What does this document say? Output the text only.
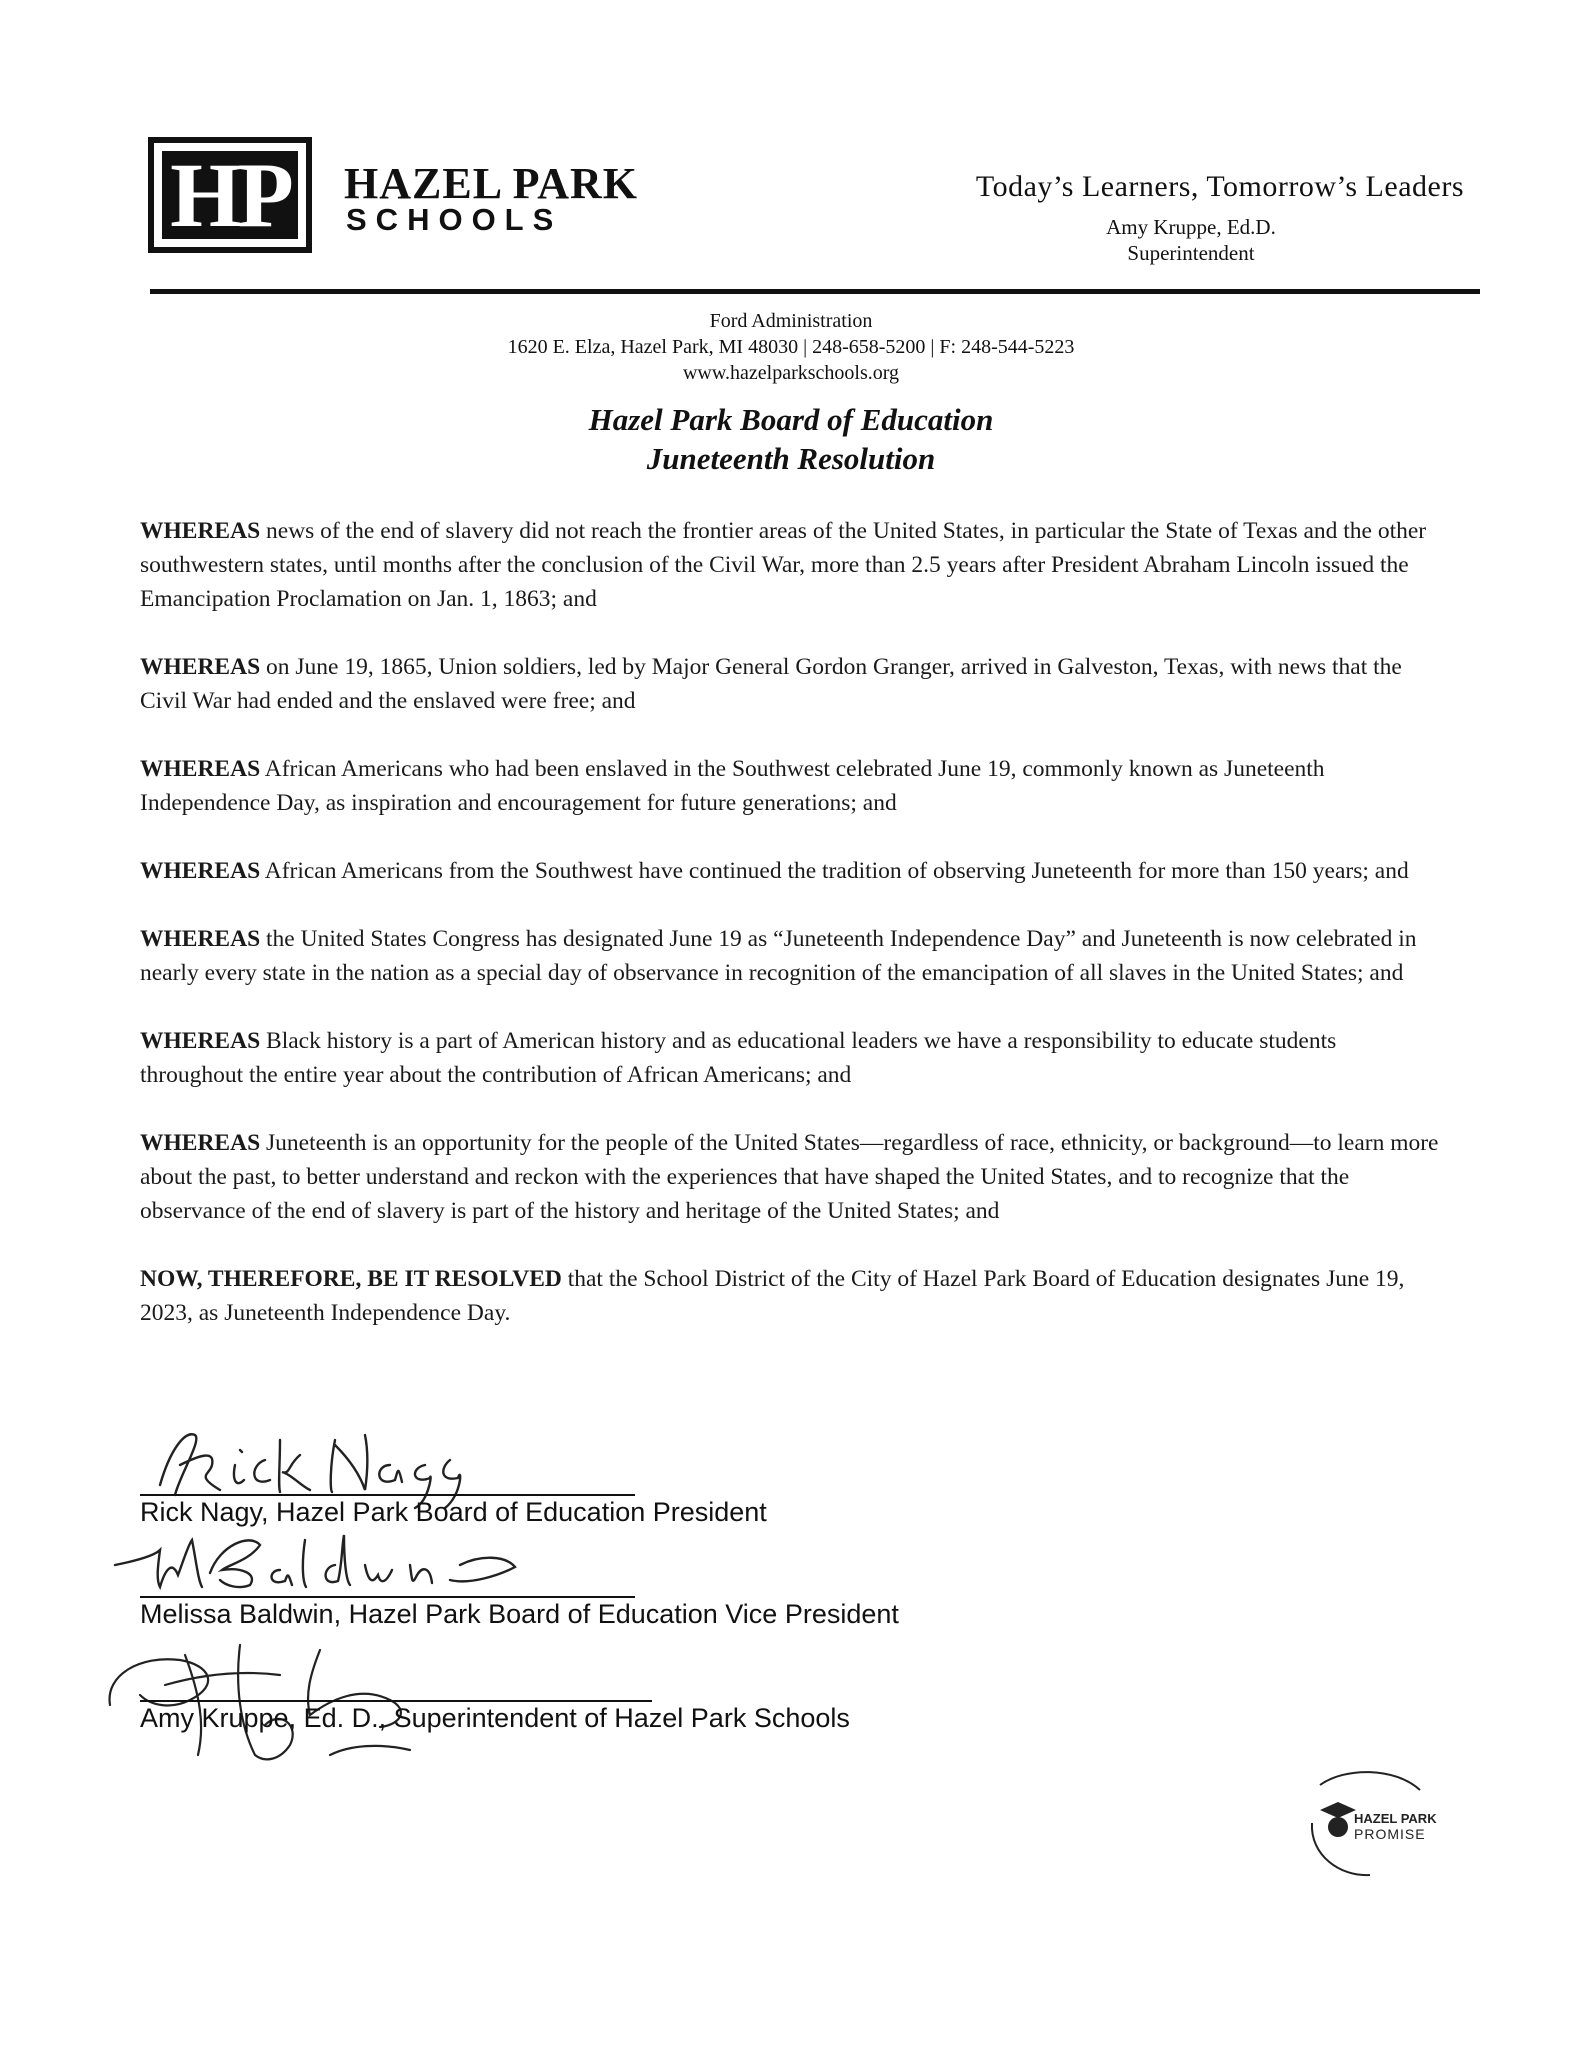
HP HAZEL PARK
SCHOOLS
Today’s Learners, Tomorrow’s Leaders
Amy Kruppe, Ed.D.
Superintendent
Ford Administration
1620 E. Elza, Hazel Park, MI 48030 | 248-658-5200 | F: 248-544-5223
www.hazelparkschools.org
Hazel Park Board of Education
Juneteenth Resolution

WHEREAS news of the end of slavery did not reach the frontier areas of the United States, in particular the State of Texas and the other southwestern states, until months after the conclusion of the Civil War, more than 2.5 years after President Abraham Lincoln issued the Emancipation Proclamation on Jan. 1, 1863; and

WHEREAS on June 19, 1865, Union soldiers, led by Major General Gordon Granger, arrived in Galveston, Texas, with news that the Civil War had ended and the enslaved were free; and

WHEREAS African Americans who had been enslaved in the Southwest celebrated June 19, commonly known as Juneteenth Independence Day, as inspiration and encouragement for future generations; and

WHEREAS African Americans from the Southwest have continued the tradition of observing Juneteenth for more than 150 years; and

WHEREAS the United States Congress has designated June 19 as “Juneteenth Independence Day” and Juneteenth is now celebrated in nearly every state in the nation as a special day of observance in recognition of the emancipation of all slaves in the United States; and

WHEREAS Black history is a part of American history and as educational leaders we have a responsibility to educate students throughout the entire year about the contribution of African Americans; and

WHEREAS Juneteenth is an opportunity for the people of the United States—regardless of race, ethnicity, or background—to learn more about the past, to better understand and reckon with the experiences that have shaped the United States, and to recognize that the observance of the end of slavery is part of the history and heritage of the United States; and

NOW, THEREFORE, BE IT RESOLVED that the School District of the City of Hazel Park Board of Education designates June 19, 2023, as Juneteenth Independence Day.

Rick Nagy, Hazel Park Board of Education President
Melissa Baldwin, Hazel Park Board of Education Vice President
Amy Kruppe, Ed. D., Superintendent of Hazel Park Schools
HAZEL PARK
PROMISE
